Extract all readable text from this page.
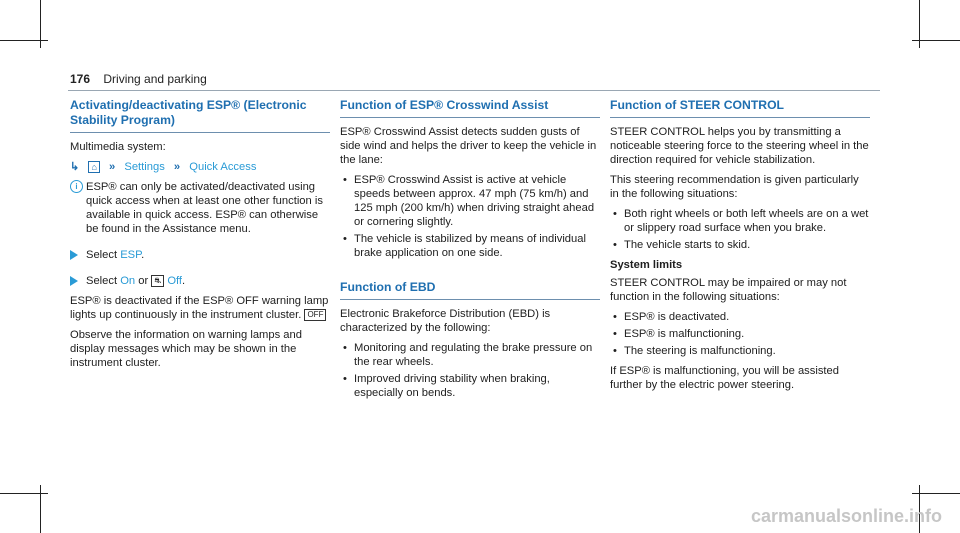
176 Driving and parking
Activating/deactivating ESP® (Electronic Stability Program)

Multimedia system:

↳ ⌂ » Settings » Quick Access
i ESP® can only be activated/deactivated using quick access when at least one other function is available in quick access. ESP® can otherwise be found in the Assistance menu.
Select ESP.
Select On or ⛐ Off.

ESP® is deactivated if the ESP® OFF warning lamp lights up continuously in the instrument cluster. OFF

Observe the information on warning lamps and display messages which may be shown in the instrument cluster.

Function of ESP® Crosswind Assist

ESP® Crosswind Assist detects sudden gusts of side wind and helps the driver to keep the vehicle in the lane:

• ESP® Crosswind Assist is active at vehicle speeds between approx. 47 mph (75 km/h) and 125 mph (200 km/h) when driving straight ahead or cornering slightly.
• The vehicle is stabilized by means of individual brake application on one side.
Function of EBD

Electronic Brakeforce Distribution (EBD) is characterized by the following:

• Monitoring and regulating the brake pressure on the rear wheels.
• Improved driving stability when braking, especially on bends.
Function of STEER CONTROL

STEER CONTROL helps you by transmitting a noticeable steering force to the steering wheel in the direction required for vehicle stabilization.

This steering recommendation is given particularly in the following situations:

• Both right wheels or both left wheels are on a wet or slippery road surface when you brake.
• The vehicle starts to skid.
System limits

STEER CONTROL may be impaired or may not function in the following situations:

• ESP® is deactivated.
• ESP® is malfunctioning.
• The steering is malfunctioning.

If ESP® is malfunctioning, you will be assisted further by the electric power steering.

carmanualsonline.info
